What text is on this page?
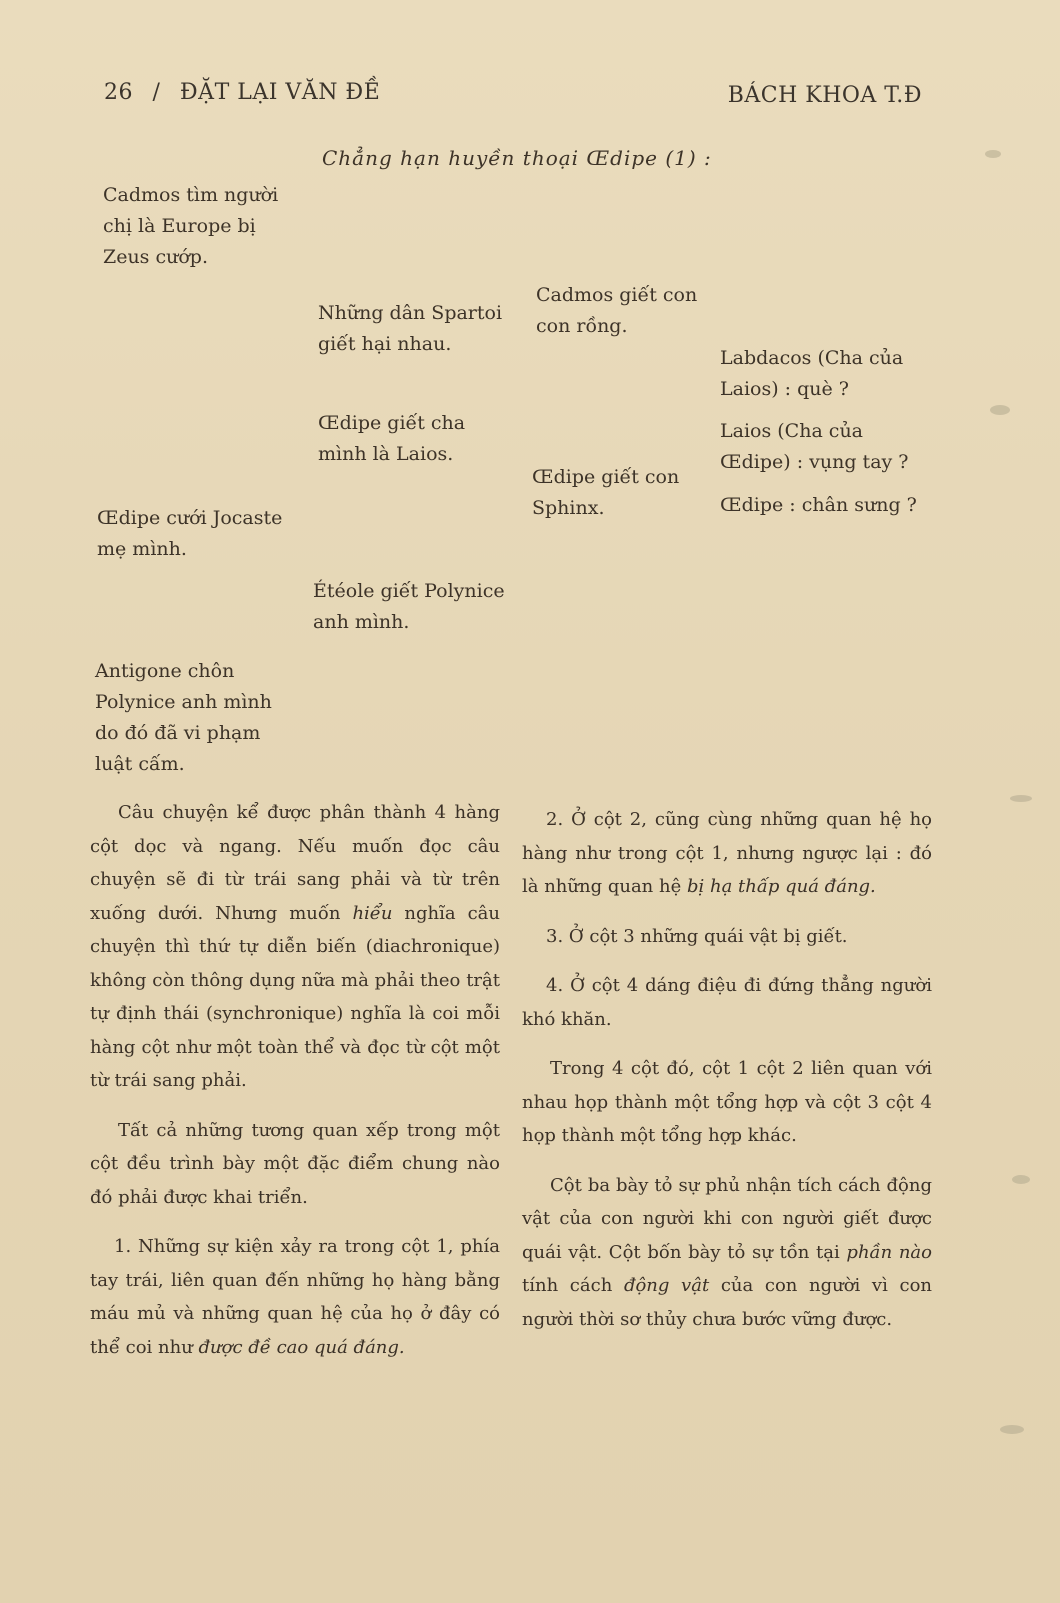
26 / ĐẶT LẠI VĂN ĐỀ	BÁCH KHOA T.Đ
Chẳng hạn huyền thoại Œdipe (1) :
Cadmos tìm người chị là Europe bị Zeus cướp.
Œdipe cưới Jocaste mẹ mình.
Antigone chôn Polynice anh mình do đó đã vi phạm luật cấm.
Những dân Spartoi giết hại nhau.
Œdipe giết cha mình là Laios.
Étéole giết Polynice anh mình.
Cadmos giết con con rồng.
Œdipe giết con Sphinx.
Labdacos (Cha của Laios) : què ?
Laios (Cha của Œdipe) : vụng tay ?
Œdipe : chân sưng ?

Câu chuyện kể được phân thành 4 hàng cột dọc và ngang. Nếu muốn đọc câu chuyện sẽ đi từ trái sang phải và từ trên xuống dưới. Nhưng muốn hiểu nghĩa câu chuyện thì thứ tự diễn biến (diachronique) không còn thông dụng nữa mà phải theo trật tự định thái (synchronique) nghĩa là coi mỗi hàng cột như một toàn thể và đọc từ cột một từ trái sang phải.

Tất cả những tương quan xếp trong một cột đều trình bày một đặc điểm chung nào đó phải được khai triển.

1. Những sự kiện xảy ra trong cột 1, phía tay trái, liên quan đến những họ hàng bằng máu mủ và những quan hệ của họ ở đây có thể coi như được đề cao quá đáng.

2. Ở cột 2, cũng cùng những quan hệ họ hàng như trong cột 1, nhưng ngược lại : đó là những quan hệ bị hạ thấp quá đáng.

3. Ở cột 3 những quái vật bị giết.

4. Ở cột 4 dáng điệu đi đứng thẳng người khó khăn.

Trong 4 cột đó, cột 1 cột 2 liên quan với nhau họp thành một tổng hợp và cột 3 cột 4 họp thành một tổng hợp khác.

Cột ba bày tỏ sự phủ nhận tích cách động vật của con người khi con người giết được quái vật. Cột bốn bày tỏ sự tồn tại phần nào tính cách động vật của con người vì con người thời sơ thủy chưa bước vững được.
